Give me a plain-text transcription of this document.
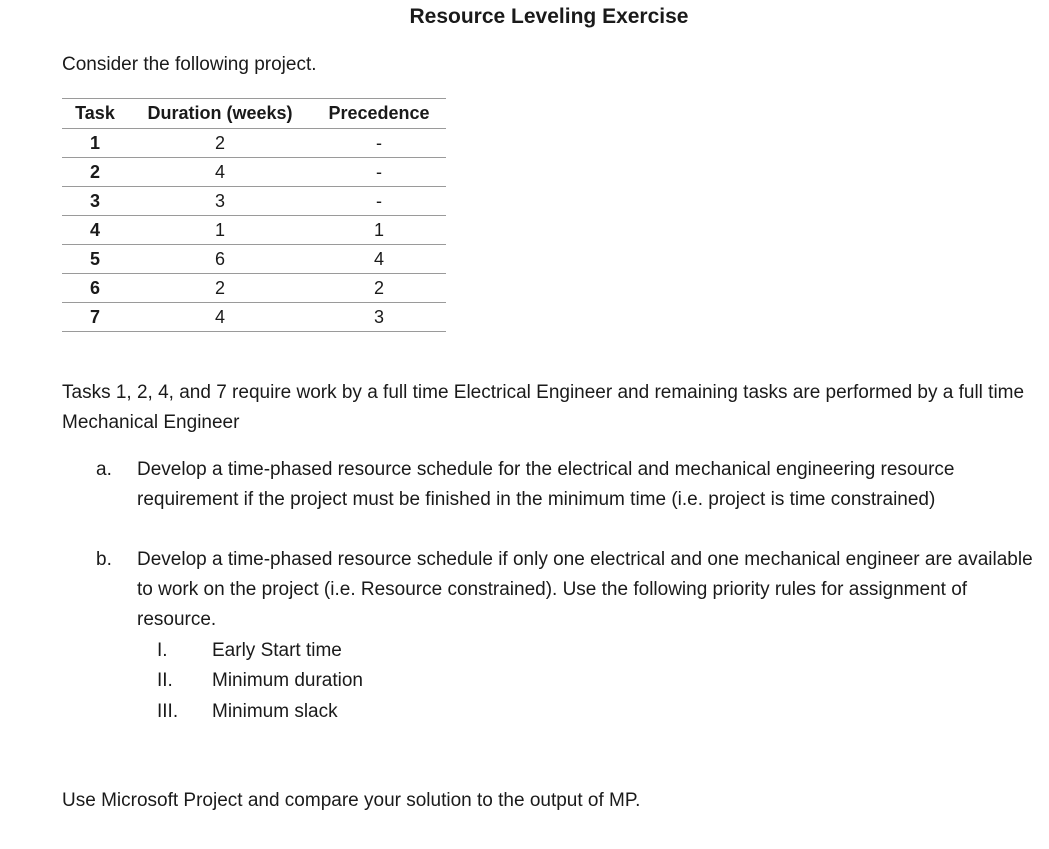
Resource Leveling Exercise
Consider the following project.
Task	Duration (weeks)	Precedence
1	2	-
2	4	-
3	3	-
4	1	1
5	6	4
6	2	2
7	4	3
Tasks 1, 2, 4, and 7 require work by a full time Electrical Engineer and remaining tasks are performed by a full time Mechanical Engineer
a. Develop a time-phased resource schedule for the electrical and mechanical engineering resource requirement if the project must be finished in the minimum time (i.e. project is time constrained)
b. Develop a time-phased resource schedule if only one electrical and one mechanical engineer are available to work on the project (i.e. Resource constrained). Use the following priority rules for assignment of resource.
I. Early Start time
II. Minimum duration
III. Minimum slack
Use Microsoft Project and compare your solution to the output of MP.
